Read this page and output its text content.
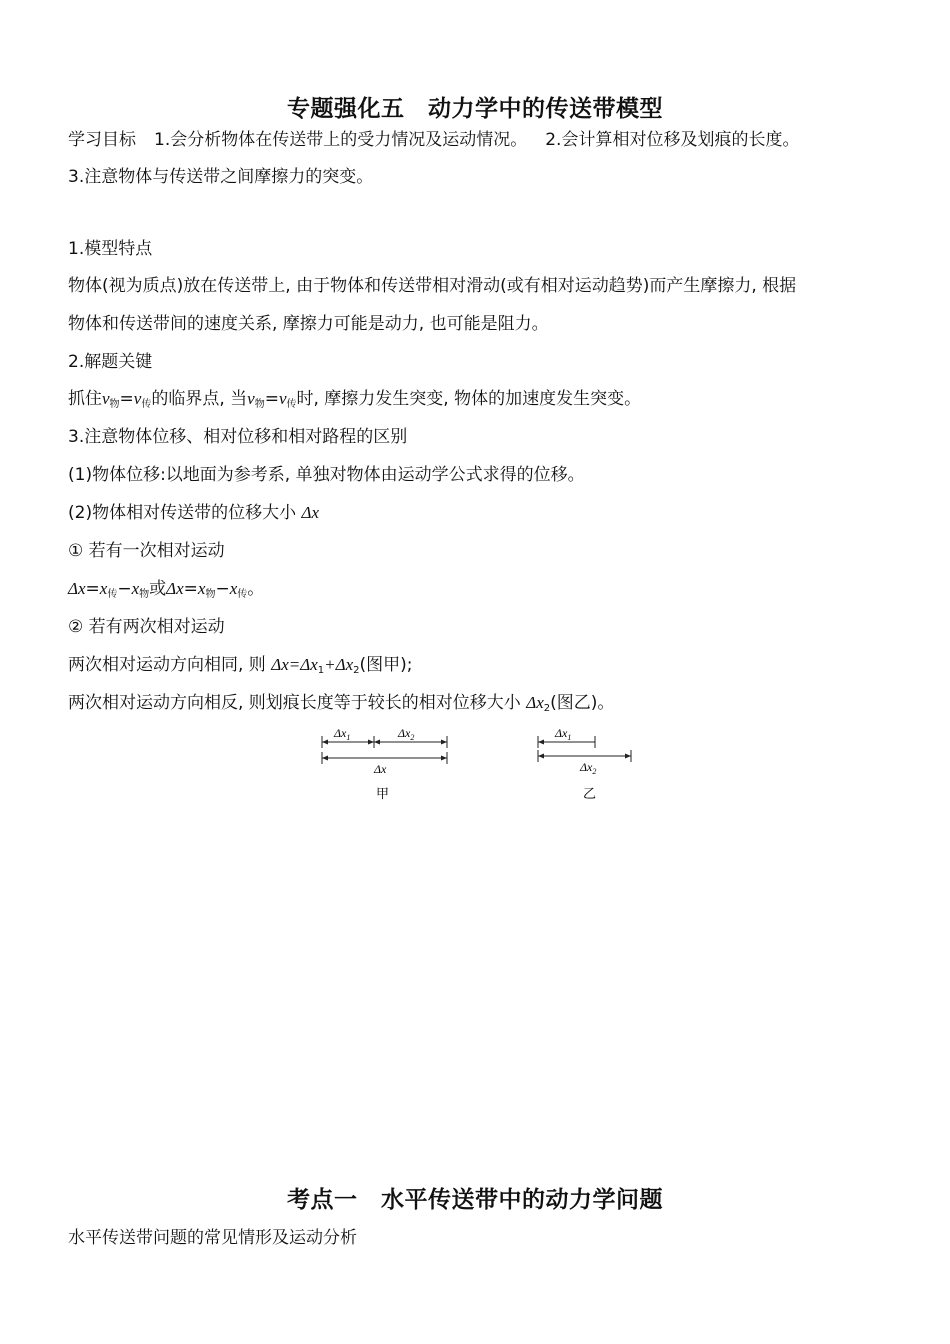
专题强化五　动力学中的传送带模型
学习目标 1.会分析物体在传送带上的受力情况及运动情况。 2.会计算相对位移及划痕的长度。
3.注意物体与传送带之间摩擦力的突变。
1.模型特点
物体(视为质点)放在传送带上, 由于物体和传送带相对滑动(或有相对运动趋势)而产生摩擦力, 根据
物体和传送带间的速度关系, 摩擦力可能是动力, 也可能是阻力。
2.解题关键
抓住$v_物=v_传$的临界点, 当$v_物=v_传$时, 摩擦力发生突变, 物体的加速度发生突变。
3.注意物体位移、相对位移和相对路程的区别
(1)物体位移:以地面为参考系, 单独对物体由运动学公式求得的位移。
(2)物体相对传送带的位移大小 Δx
① 若有一次相对运动
$\Delta x=x_传-x_物$或$\Delta x=x_物-x_传$。
② 若有两次相对运动
两次相对运动方向相同, 则 $\Delta x=\Delta x_1+\Delta x_2$(图甲);
两次相对运动方向相反, 则划痕长度等于较长的相对位移大小 $\Delta x_2$(图乙)。
$\Delta x_1$	$\Delta x_2$
Δx
甲
$\Delta x_1$
$\Delta x_2$
乙
考点一　水平传送带中的动力学问题
水平传送带问题的常见情形及运动分析
